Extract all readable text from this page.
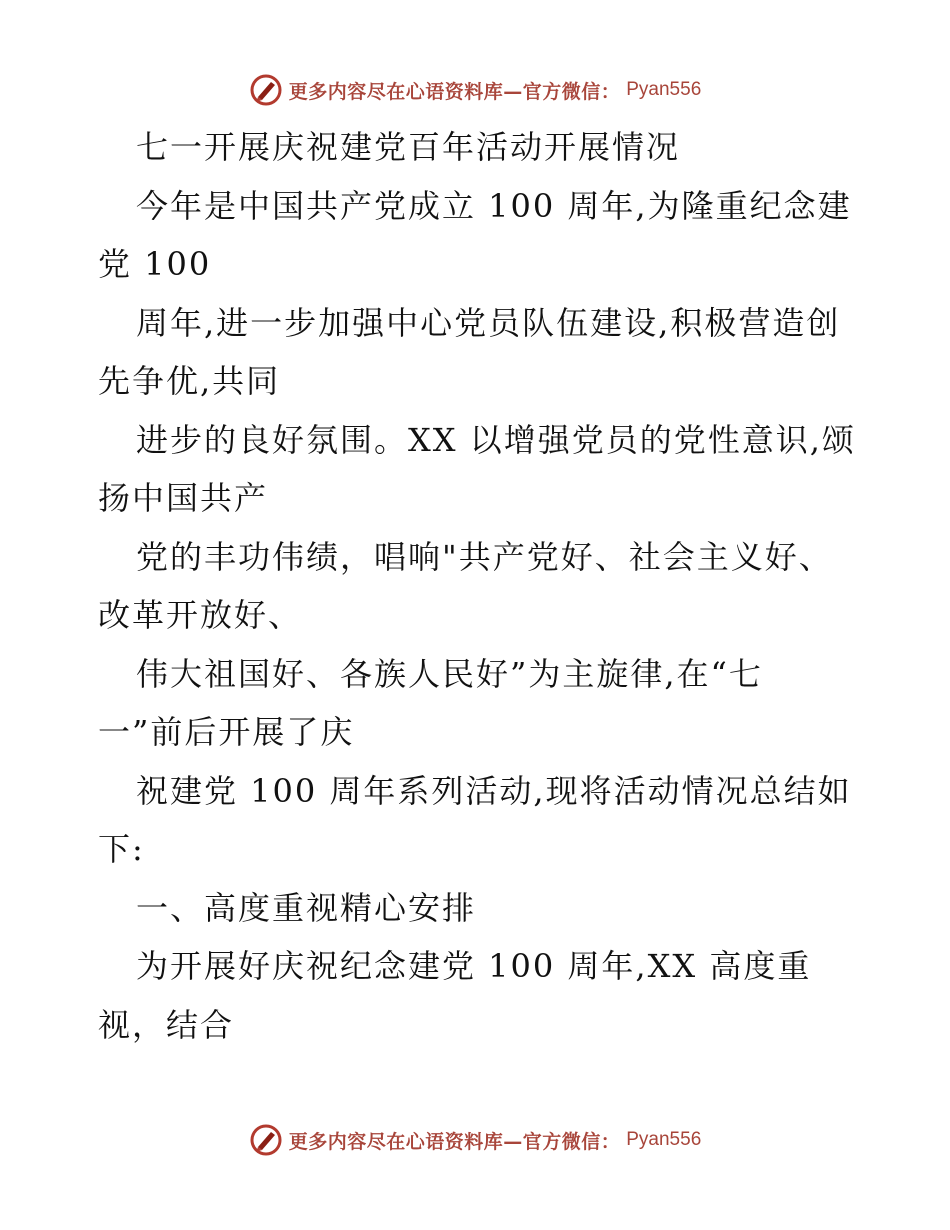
更多内容尽在心语资料库—官方微信： Pyan556
七一开展庆祝建党百年活动开展情况
今年是中国共产党成立 100 周年,为隆重纪念建
党 100
周年,进一步加强中心党员队伍建设,积极营造创
先争优,共同
进步的良好氛围。XX 以增强党员的党性意识,颂
扬中国共产
党的丰功伟绩，唱响"共产党好、社会主义好、
改革开放好、
伟大祖国好、各族人民好”为主旋律,在“七
一”前后开展了庆
祝建党 100 周年系列活动,现将活动情况总结如
下:
一、高度重视精心安排
为开展好庆祝纪念建党 100 周年,XX 高度重
视，结合
更多内容尽在心语资料库—官方微信： Pyan556
